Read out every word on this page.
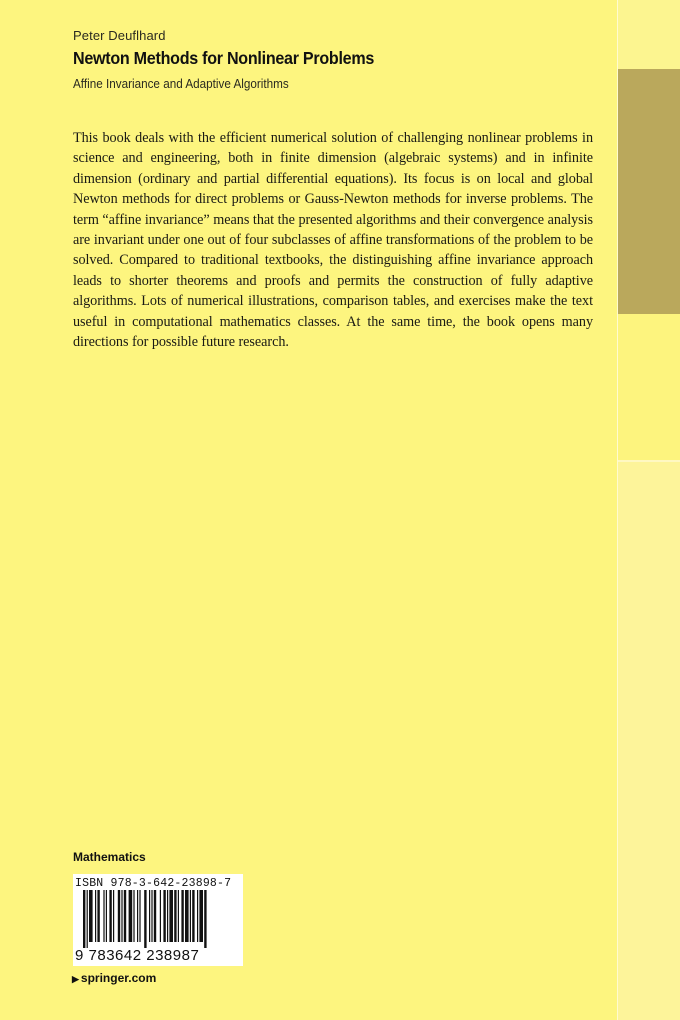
Peter Deuflhard
Newton Methods for Nonlinear Problems
Affine Invariance and Adaptive Algorithms
This book deals with the efficient numerical solution of challenging nonlinear problems in science and engineering, both in finite dimension (algebraic systems) and in infinite dimension (ordinary and partial differential equations). Its focus is on local and global Newton methods for direct problems or Gauss-Newton methods for inverse problems. The term “affine invariance” means that the presented algorithms and their convergence analysis are invariant under one out of four subclasses of affine transformations of the problem to be solved. Compared to traditional textbooks, the distinguishing affine invariance approach leads to shorter theorems and proofs and permits the construction of fully adaptive algorithms. Lots of numerical illustrations, comparison tables, and exercises make the text useful in computational mathematics classes. At the same time, the book opens many directions for possible future research.
Mathematics
ISBN 978-3-642-23898-7
9 783642 238987
▶ springer.com
